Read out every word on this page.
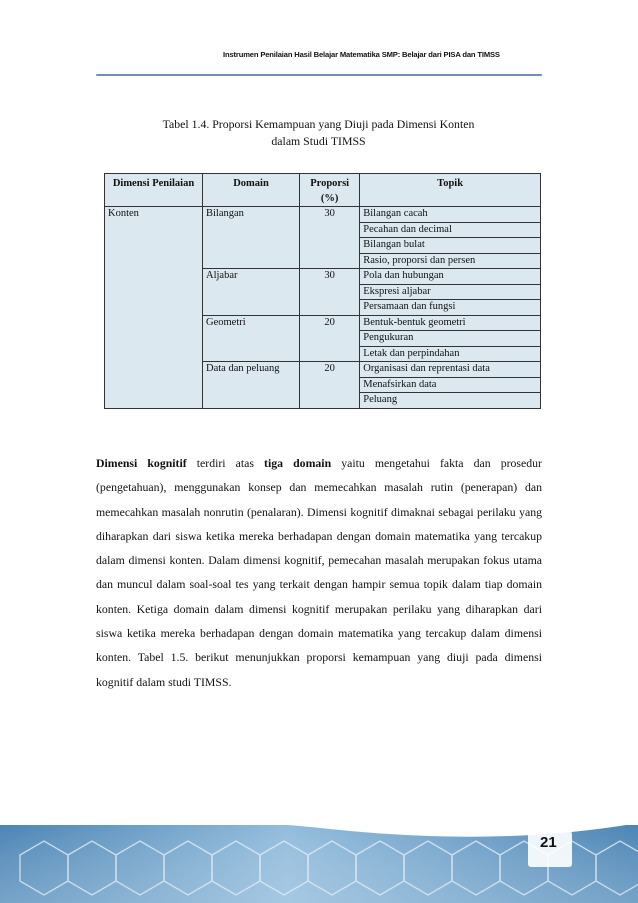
Instrumen Penilaian Hasil Belajar Matematika SMP: Belajar dari PISA dan TIMSS
Tabel 1.4. Proporsi Kemampuan yang Diuji pada Dimensi Konten
dalam Studi TIMSS
Dimensi Penilaian	Domain	Proporsi (%)	Topik
Konten	Bilangan	30	Bilangan cacah
			Pecahan dan decimal
			Bilangan bulat
			Rasio, proporsi dan persen
	Aljabar	30	Pola dan hubungan
			Ekspresi aljabar
			Persamaan dan fungsi
	Geometri	20	Bentuk-bentuk geometri
			Pengukuran
			Letak dan perpindahan
	Data dan peluang	20	Organisasi dan reprentasi data
			Menafsirkan data
			Peluang

Dimensi kognitif terdiri atas tiga domain yaitu mengetahui fakta dan prosedur (pengetahuan), menggunakan konsep dan memecahkan masalah rutin (penerapan) dan memecahkan masalah nonrutin (penalaran). Dimensi kognitif dimaknai sebagai perilaku yang diharapkan dari siswa ketika mereka berhadapan dengan domain matematika yang tercakup dalam dimensi konten. Dalam dimensi kognitif, pemecahan masalah merupakan fokus utama dan muncul dalam soal-soal tes yang terkait dengan hampir semua topik dalam tiap domain konten. Ketiga domain dalam dimensi kognitif merupakan perilaku yang diharapkan dari siswa ketika mereka berhadapan dengan domain matematika yang tercakup dalam dimensi konten. Tabel 1.5. berikut menunjukkan proporsi kemampuan yang diuji pada dimensi kognitif dalam studi TIMSS.

21
